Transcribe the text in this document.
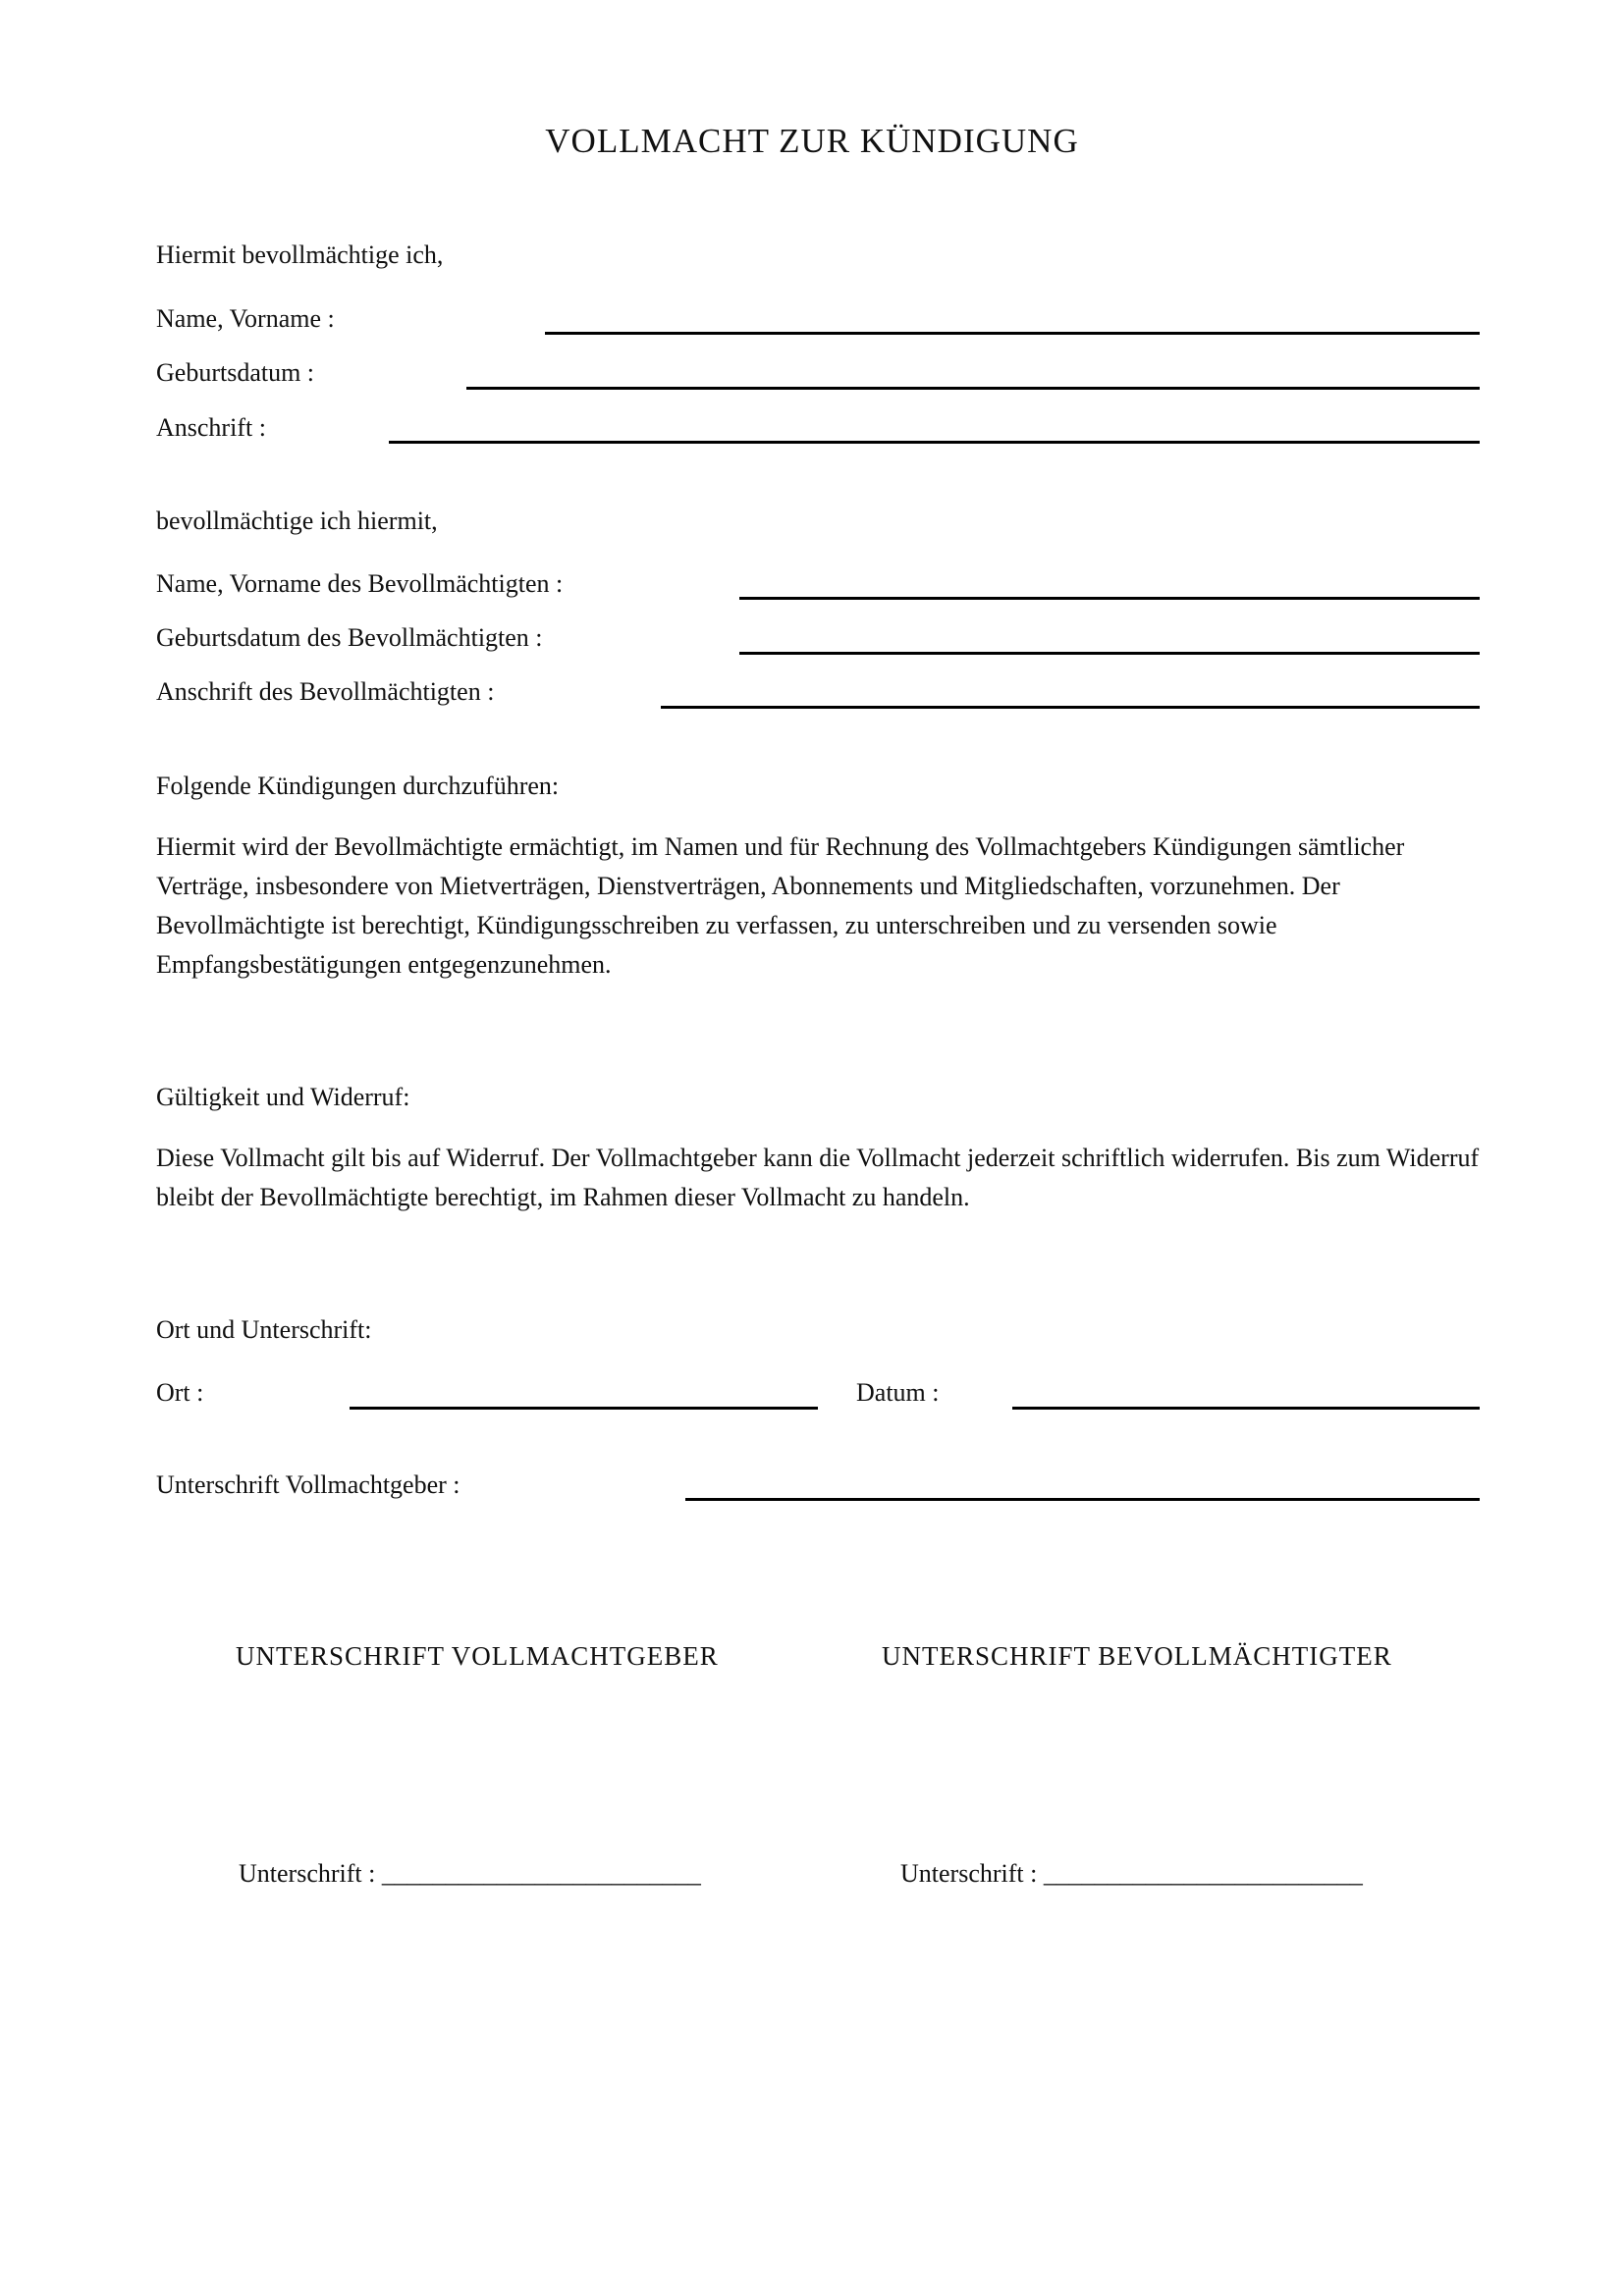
VOLLMACHT ZUR KÜNDIGUNG
Hiermit bevollmächtige ich,
Name, Vorname :
Geburtsdatum :
Anschrift :
bevollmächtige ich hiermit,
Name, Vorname des Bevollmächtigten :
Geburtsdatum des Bevollmächtigten :
Anschrift des Bevollmächtigten :
Folgende Kündigungen durchzuführen:
Hiermit wird der Bevollmächtigte ermächtigt, im Namen und für Rechnung des Vollmachtgebers Kündigungen sämtlicher Verträge, insbesondere von Mietverträgen, Dienstverträgen, Abonnements und Mitgliedschaften, vorzunehmen. Der Bevollmächtigte ist berechtigt, Kündigungsschreiben zu verfassen, zu unterschreiben und zu versenden sowie Empfangsbestätigungen entgegenzunehmen.
Gültigkeit und Widerruf:
Diese Vollmacht gilt bis auf Widerruf. Der Vollmachtgeber kann die Vollmacht jederzeit schriftlich widerrufen. Bis zum Widerruf bleibt der Bevollmächtigte berechtigt, im Rahmen dieser Vollmacht zu handeln.
Ort und Unterschrift:
Ort :	Datum :
Unterschrift Vollmachtgeber :
UNTERSCHRIFT VOLLMACHTGEBER	UNTERSCHRIFT BEVOLLMÄCHTIGTER
Unterschrift : _________________________	Unterschrift : _________________________
